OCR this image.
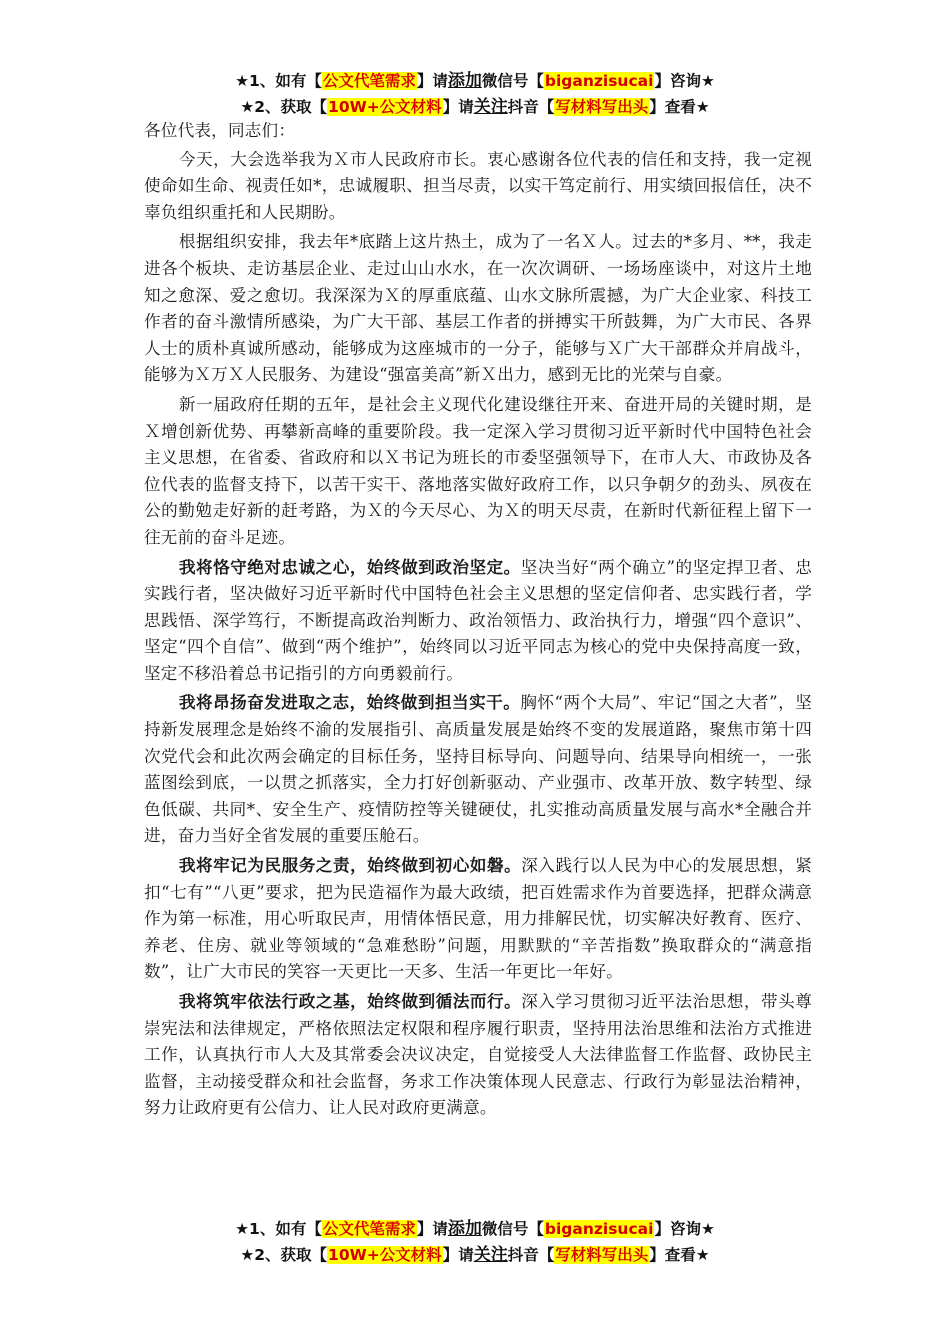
★1、如有【公文代笔需求】请添加微信号【biganzisucai】咨询★
★2、获取【10W+公文材料】请关注抖音【写材料写出头】查看★

各位代表，同志们：

今天，大会选举我为Ｘ市人民政府市长。衷心感谢各位代表的信任和支持，我一定视使命如生命、视责任如*，忠诚履职、担当尽责，以实干笃定前行、用实绩回报信任，决不辜负组织重托和人民期盼。

根据组织安排，我去年*底踏上这片热土，成为了一名Ｘ人。过去的*多月、**，我走进各个板块、走访基层企业、走过山山水水，在一次次调研、一场场座谈中，对这片土地知之愈深、爱之愈切。我深深为Ｘ的厚重底蕴、山水文脉所震撼，为广大企业家、科技工作者的奋斗激情所感染，为广大干部、基层工作者的拼搏实干所鼓舞，为广大市民、各界人士的质朴真诚所感动，能够成为这座城市的一分子，能够与Ｘ广大干部群众并肩战斗，能够为Ｘ万Ｘ人民服务、为建设“强富美高”新Ｘ出力，感到无比的光荣与自豪。

新一届政府任期的五年，是社会主义现代化建设继往开来、奋进开局的关键时期，是Ｘ增创新优势、再攀新高峰的重要阶段。我一定深入学习贯彻习近平新时代中国特色社会主义思想，在省委、省政府和以Ｘ书记为班长的市委坚强领导下，在市人大、市政协及各位代表的监督支持下，以苦干实干、落地落实做好政府工作，以只争朝夕的劲头、夙夜在公的勤勉走好新的赶考路，为Ｘ的今天尽心、为Ｘ的明天尽责，在新时代新征程上留下一往无前的奋斗足迹。

我将恪守绝对忠诚之心，始终做到政治坚定。坚决当好“两个确立”的坚定捍卫者、忠实践行者，坚决做好习近平新时代中国特色社会主义思想的坚定信仰者、忠实践行者，学思践悟、深学笃行，不断提高政治判断力、政治领悟力、政治执行力，增强“四个意识”、坚定“四个自信”、做到“两个维护”，始终同以习近平同志为核心的党中央保持高度一致，坚定不移沿着总书记指引的方向勇毅前行。

我将昂扬奋发进取之志，始终做到担当实干。胸怀“两个大局”、牢记“国之大者”，坚持新发展理念是始终不渝的发展指引、高质量发展是始终不变的发展道路，聚焦市第十四次党代会和此次两会确定的目标任务，坚持目标导向、问题导向、结果导向相统一，一张蓝图绘到底，一以贯之抓落实，全力打好创新驱动、产业强市、改革开放、数字转型、绿色低碳、共同*、安全生产、疫情防控等关键硬仗，扎实推动高质量发展与高水*全融合并进，奋力当好全省发展的重要压舱石。

我将牢记为民服务之责，始终做到初心如磐。深入践行以人民为中心的发展思想，紧扣“七有”“八更”要求，把为民造福作为最大政绩，把百姓需求作为首要选择，把群众满意作为第一标准，用心听取民声，用情体悟民意，用力排解民忧，切实解决好教育、医疗、养老、住房、就业等领域的“急难愁盼”问题，用默默的“辛苦指数”换取群众的“满意指数”，让广大市民的笑容一天更比一天多、生活一年更比一年好。

我将筑牢依法行政之基，始终做到循法而行。深入学习贯彻习近平法治思想，带头尊崇宪法和法律规定，严格依照法定权限和程序履行职责，坚持用法治思维和法治方式推进工作，认真执行市人大及其常委会决议决定，自觉接受人大法律监督工作监督、政协民主监督，主动接受群众和社会监督，务求工作决策体现人民意志、行政行为彰显法治精神，努力让政府更有公信力、让人民对政府更满意。

★1、如有【公文代笔需求】请添加微信号【biganzisucai】咨询★
★2、获取【10W+公文材料】请关注抖音【写材料写出头】查看★
